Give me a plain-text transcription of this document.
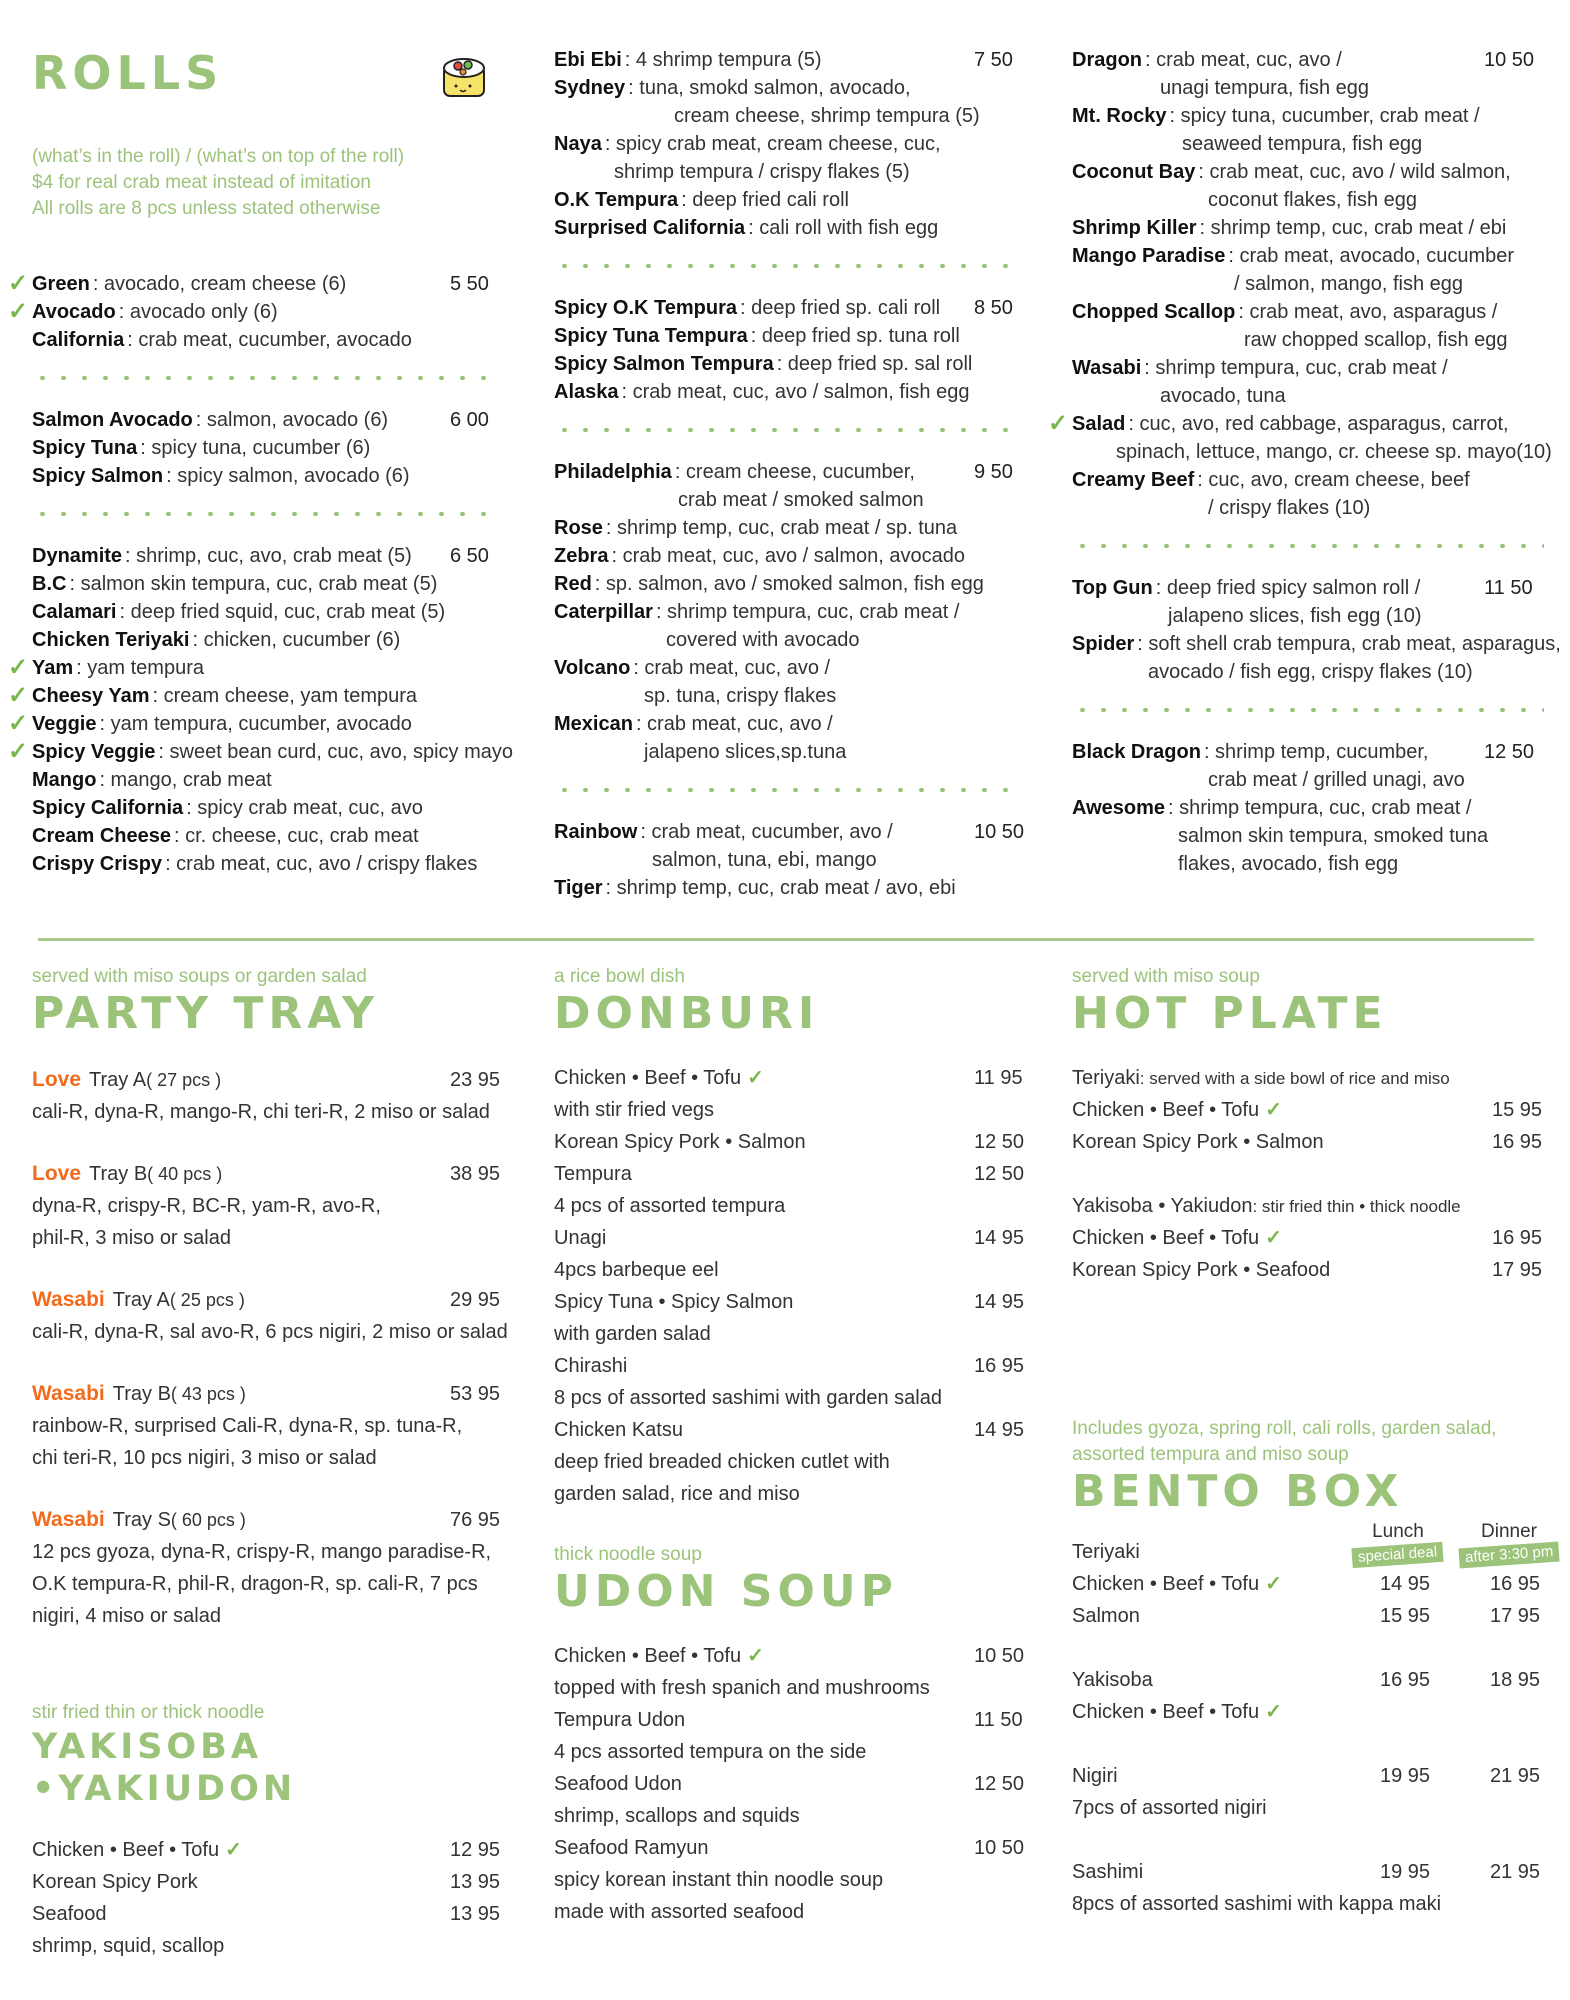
ROLLS
(what’s in the roll) / (what’s on top of the roll)
$4 for real crab meat instead of imitation
All rolls are 8 pcs unless stated otherwise
✓ Green : avocado, cream cheese (6)	5 50
✓ Avocado : avocado only (6)
California : crab meat, cucumber, avocado
Salmon Avocado : salmon, avocado (6)	6 00
Spicy Tuna : spicy tuna, cucumber (6)
Spicy Salmon : spicy salmon, avocado (6)
Dynamite : shrimp, cuc, avo, crab meat (5) 6 50
B.C : salmon skin tempura, cuc, crab meat (5)
Calamari : deep fried squid, cuc, crab meat (5)
Chicken Teriyaki : chicken, cucumber (6)
✓ Yam : yam tempura
✓ Cheesy Yam : cream cheese, yam tempura
✓ Veggie : yam tempura, cucumber, avocado
✓ Spicy Veggie : sweet bean curd, cuc, avo, spicy mayo
Mango : mango, crab meat
Spicy California : spicy crab meat, cuc, avo
Cream Cheese : cr. cheese, cuc, crab meat
Crispy Crispy : crab meat, cuc, avo / crispy flakes
Ebi Ebi : 4 shrimp tempura (5)	7 50
Sydney : tuna, smokd salmon, avocado,
cream cheese, shrimp tempura (5)
Naya : spicy crab meat, cream cheese, cuc,
shrimp tempura / crispy flakes (5)
O.K Tempura : deep fried cali roll
Surprised California : cali roll with fish egg
Spicy O.K Tempura : deep fried sp. cali roll 8 50
Spicy Tuna Tempura : deep fried sp. tuna roll
Spicy Salmon Tempura : deep fried sp. sal roll
Alaska : crab meat, cuc, avo / salmon, fish egg
Philadelphia : cream cheese, cucumber,	9 50
crab meat / smoked salmon
Rose : shrimp temp, cuc, crab meat / sp. tuna
Zebra : crab meat, cuc, avo / salmon, avocado
Red : sp. salmon, avo / smoked salmon, fish egg
Caterpillar : shrimp tempura, cuc, crab meat /
covered with avocado
Volcano : crab meat, cuc, avo /
sp. tuna, crispy flakes
Mexican : crab meat, cuc, avo /
jalapeno slices,sp.tuna
Rainbow : crab meat, cucumber, avo /	10 50
salmon, tuna, ebi, mango
Tiger : shrimp temp, cuc, crab meat / avo, ebi
Dragon : crab meat, cuc, avo /	10 50
unagi tempura, fish egg
Mt. Rocky : spicy tuna, cucumber, crab meat /
seaweed tempura, fish egg
Coconut Bay : crab meat, cuc, avo / wild salmon,
coconut flakes, fish egg
Shrimp Killer : shrimp temp, cuc, crab meat / ebi
Mango Paradise : crab meat, avocado, cucumber
/ salmon, mango, fish egg
Chopped Scallop : crab meat, avo, asparagus /
raw chopped scallop, fish egg
Wasabi : shrimp tempura, cuc, crab meat /
avocado, tuna
✓ Salad : cuc, avo, red cabbage, asparagus, carrot,
spinach, lettuce, mango, cr. cheese sp. mayo(10)
Creamy Beef : cuc, avo, cream cheese, beef
/ crispy flakes (10)
Top Gun : deep fried spicy salmon roll /	11 50
jalapeno slices, fish egg (10)
Spider : soft shell crab tempura, crab meat, asparagus,
avocado / fish egg, crispy flakes (10)
Black Dragon : shrimp temp, cucumber,	12 50
crab meat / grilled unagi, avo
Awesome : shrimp tempura, cuc, crab meat /
salmon skin tempura, smoked tuna
flakes, avocado, fish egg
served with miso soups or garden salad
PARTY TRAY
Love Tray A( 27 pcs )	23 95
cali-R, dyna-R, mango-R, chi teri-R, 2 miso or salad
Love Tray B( 40 pcs )	38 95
dyna-R, crispy-R, BC-R, yam-R, avo-R,
phil-R, 3 miso or salad
Wasabi Tray A( 25 pcs )	29 95
cali-R, dyna-R, sal avo-R, 6 pcs nigiri, 2 miso or salad
Wasabi Tray B( 43 pcs )	53 95
rainbow-R, surprised Cali-R, dyna-R, sp. tuna-R,
chi teri-R, 10 pcs nigiri, 3 miso or salad
Wasabi Tray S( 60 pcs )	76 95
12 pcs gyoza, dyna-R, crispy-R, mango paradise-R,
O.K tempura-R, phil-R, dragon-R, sp. cali-R, 7 pcs
nigiri, 4 miso or salad
stir fried thin or thick noodle
YAKISOBA •YAKIUDON
Chicken • Beef • Tofu ✓	12 95
Korean Spicy Pork	13 95
Seafood	13 95
shrimp, squid, scallop
a rice bowl dish
DONBURI
Chicken • Beef • Tofu ✓	11 95
with stir fried vegs
Korean Spicy Pork • Salmon	12 50
Tempura	12 50
4 pcs of assorted tempura
Unagi	14 95
4pcs barbeque eel
Spicy Tuna • Spicy Salmon	14 95
with garden salad
Chirashi	16 95
8 pcs of assorted sashimi with garden salad
Chicken Katsu	14 95
deep fried breaded chicken cutlet with
garden salad, rice and miso
thick noodle soup
UDON SOUP
Chicken • Beef • Tofu ✓	10 50
topped with fresh spanich and mushrooms
Tempura Udon	11 50
4 pcs assorted tempura on the side
Seafood Udon	12 50
shrimp, scallops and squids
Seafood Ramyun	10 50
spicy korean instant thin noodle soup
made with assorted seafood
served with miso soup
HOT PLATE
Teriyaki: served with a side bowl of rice and miso
Chicken • Beef • Tofu ✓	15 95
Korean Spicy Pork • Salmon	16 95
Yakisoba • Yakiudon: stir fried thin • thick noodle
Chicken • Beef • Tofu ✓	16 95
Korean Spicy Pork • Seafood	17 95
Includes gyoza, spring roll, cali rolls, garden salad,
assorted tempura and miso soup
BENTO BOX
Lunch
special deal
Dinner
after 3:30 pm
Teriyaki
Chicken • Beef • Tofu ✓	14 95	16 95
Salmon	15 95	17 95
Yakisoba	16 95	18 95
Chicken • Beef • Tofu ✓
Nigiri	19 95	21 95
7pcs of assorted nigiri
Sashimi	19 95	21 95
8pcs of assorted sashimi with kappa maki
